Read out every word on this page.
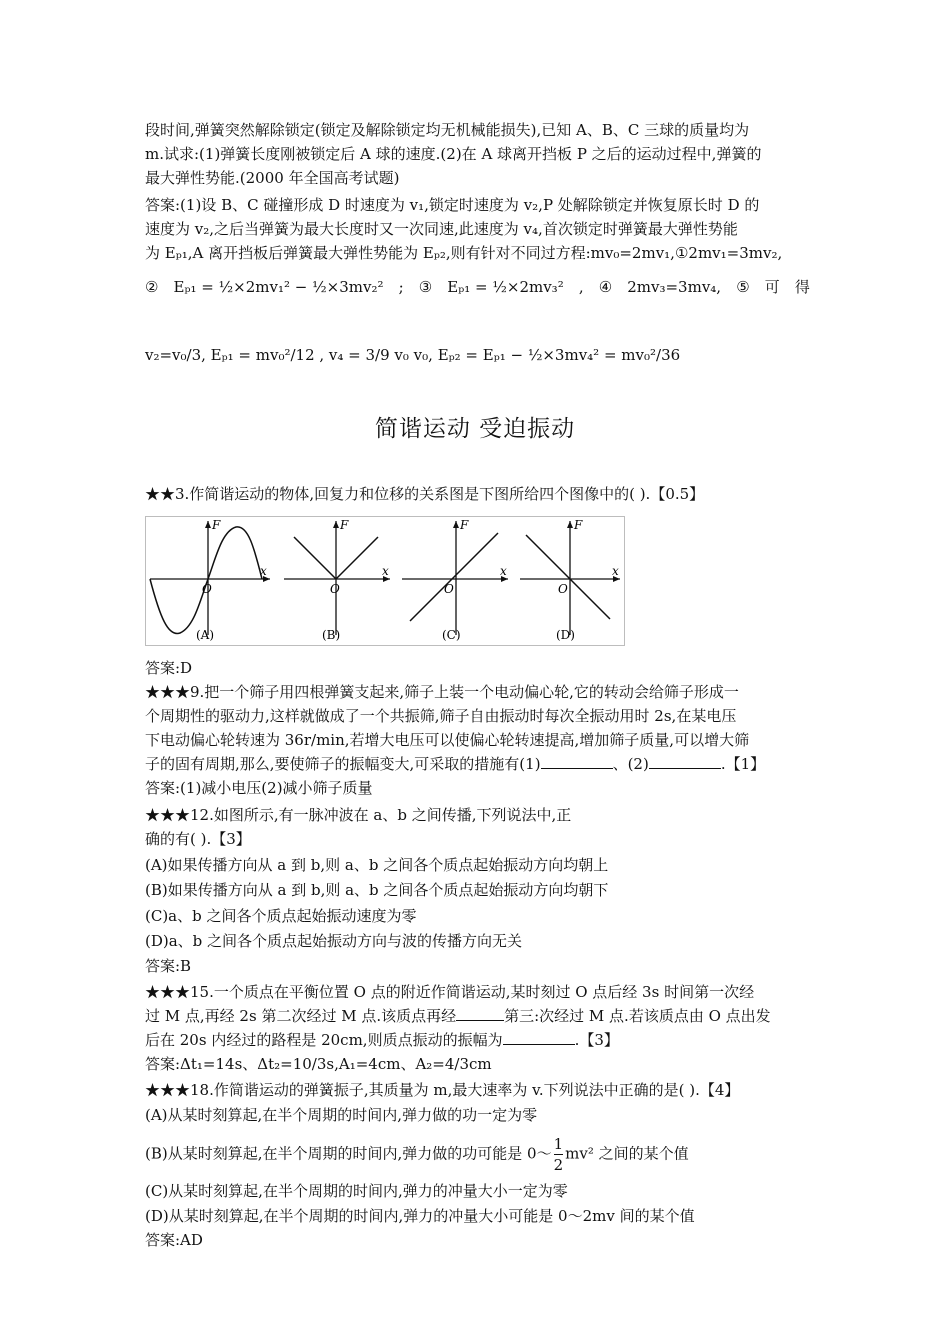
段时间,弹簧突然解除锁定(锁定及解除锁定均无机械能损失),已知 A、B、C 三球的质量均为
m.试求:(1)弹簧长度刚被锁定后 A 球的速度.(2)在 A 球离开挡板 P 之后的运动过程中,弹簧的
最大弹性势能.(2000 年全国高考试题)
答案:(1)设 B、C 碰撞形成 D 时速度为 v₁,锁定时速度为 v₂,P 处解除锁定并恢复原长时 D 的
速度为 v₂,之后当弹簧为最大长度时又一次同速,此速度为 v₄,首次锁定时弹簧最大弹性势能
为 Eₚ₁,A 离开挡板后弹簧最大弹性势能为 Eₚ₂,则有针对不同过方程:mv₀=2mv₁,①2mv₁=3mv₂,
② Eₚ₁ = ½×2mv₁² − ½×3mv₂² ; ③ Eₚ₁ = ½×2mv₃² , ④ 2mv₃=3mv₄, ⑤ 可 得
v₂=v₀/3, Eₚ₁ = mv₀²/12 , v₄ = 3/9 v₀ v₀, Eₚ₂ = Eₚ₁ − ½×3mv₄² = mv₀²/36
简谐运动 受迫振动
★★3.作简谐运动的物体,回复力和位移的关系图是下图所给四个图像中的( ).【0.5】
F
x
O
(A)
F
x
O
(B)
F
x
O
(C)
F
x
O
(D)
答案:D
★★★9.把一个筛子用四根弹簧支起来,筛子上装一个电动偏心轮,它的转动会给筛子形成一
个周期性的驱动力,这样就做成了一个共振筛,筛子自由振动时每次全振动用时 2s,在某电压
下电动偏心轮转速为 36r/min,若增大电压可以使偏心轮转速提高,增加筛子质量,可以增大筛
子的固有周期,那么,要使筛子的振幅变大,可采取的措施有(1)	、(2)	.【1】
答案:(1)减小电压(2)减小筛子质量
★★★12.如图所示,有一脉冲波在 a、b 之间传播,下列说法中,正
确的有( ).【3】
(A)如果传播方向从 a 到 b,则 a、b 之间各个质点起始振动方向均朝上
(B)如果传播方向从 a 到 b,则 a、b 之间各个质点起始振动方向均朝下
(C)a、b 之间各个质点起始振动速度为零
(D)a、b 之间各个质点起始振动方向与波的传播方向无关
答案:B
★★★15.一个质点在平衡位置 O 点的附近作简谐运动,某时刻过 O 点后经 3s 时间第一次经
过 M 点,再经 2s 第二次经过 M 点.该质点再经	第三:次经过 M 点.若该质点由 O 点出发
后在 20s 内经过的路程是 20cm,则质点振动的振幅为	.【3】
答案:Δt₁=14s、Δt₂=10/3s,A₁=4cm、A₂=4/3cm
★★★18.作简谐运动的弹簧振子,其质量为 m,最大速率为 v.下列说法中正确的是( ).【4】
(A)从某时刻算起,在半个周期的时间内,弹力做的功一定为零
(B)从某时刻算起,在半个周期的时间内,弹力做的功可能是 0～ $\frac{1}{2} mv^2$ 之间的某个值
(C)从某时刻算起,在半个周期的时间内,弹力的冲量大小一定为零
(D)从某时刻算起,在半个周期的时间内,弹力的冲量大小可能是 0～2mv 间的某个值
答案:AD
